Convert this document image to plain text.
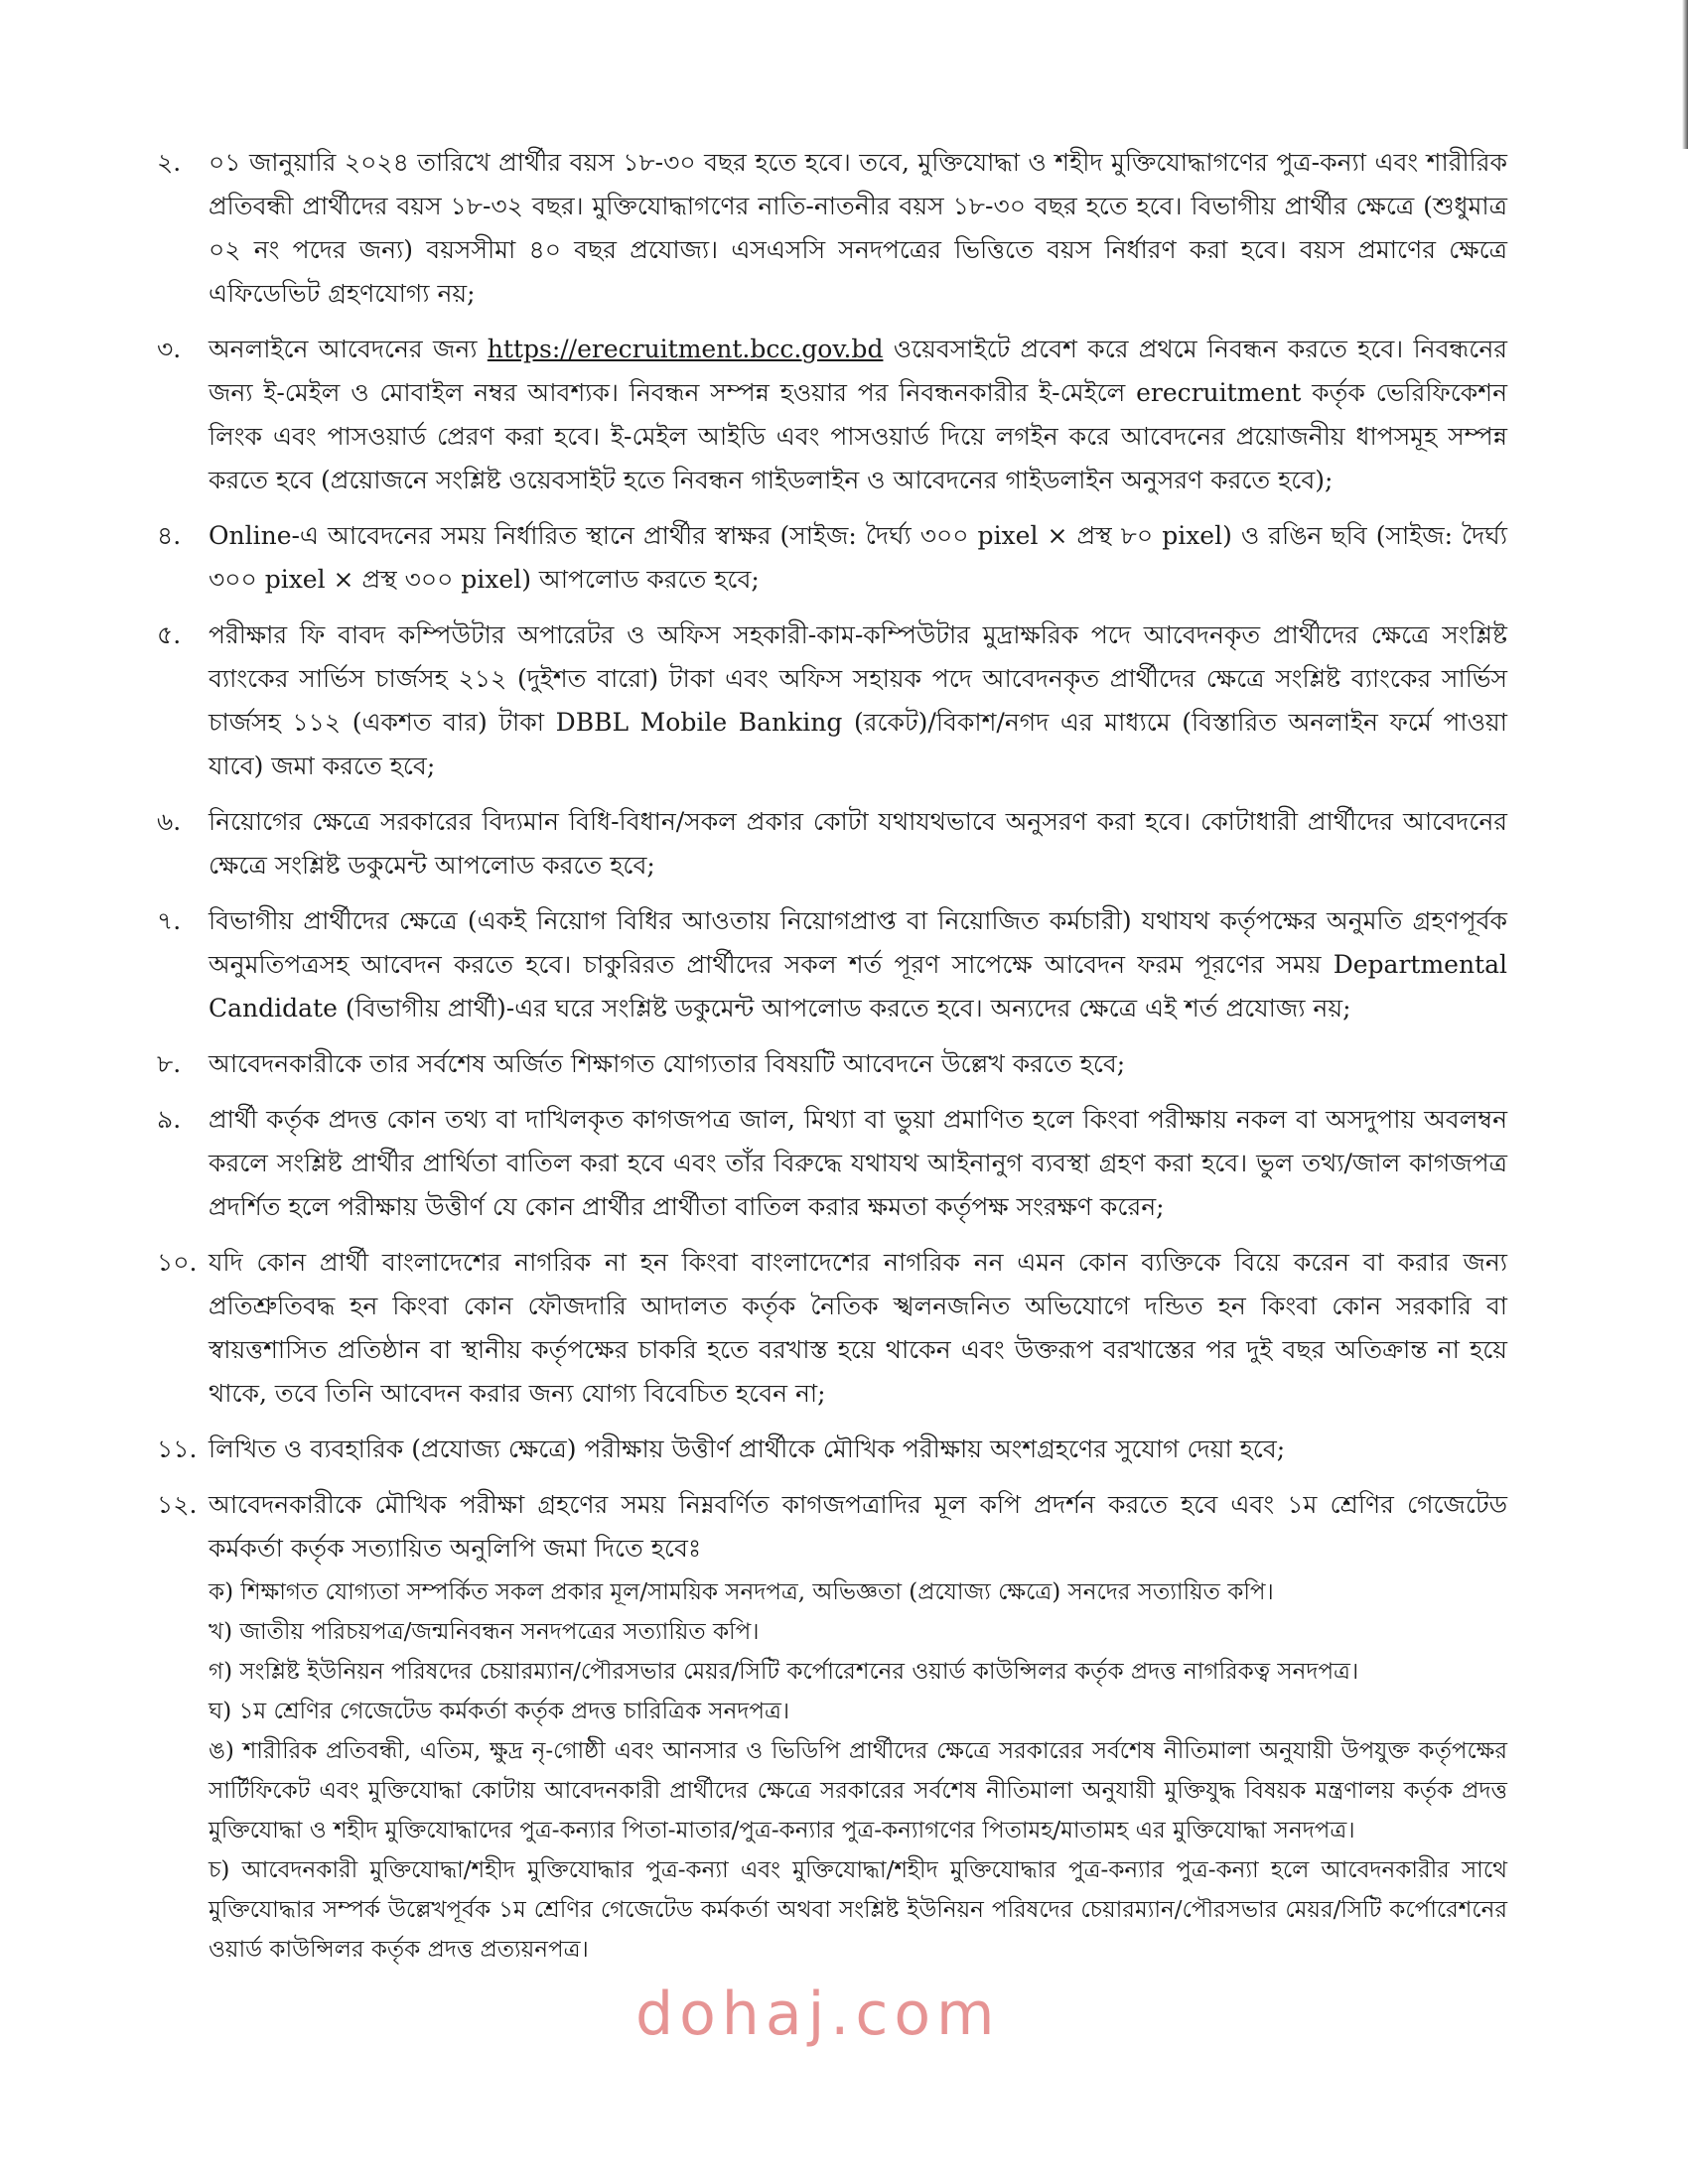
২.	০১ জানুয়ারি ২০২৪ তারিখে প্রার্থীর বয়স ১৮-৩০ বছর হতে হবে। তবে, মুক্তিযোদ্ধা ও শহীদ মুক্তিযোদ্ধাগণের পুত্র-কন্যা এবং শারীরিক প্রতিবন্ধী প্রার্থীদের বয়স ১৮-৩২ বছর। মুক্তিযোদ্ধাগণের নাতি-নাতনীর বয়স ১৮-৩০ বছর হতে হবে। বিভাগীয় প্রার্থীর ক্ষেত্রে (শুধুমাত্র ০২ নং পদের জন্য) বয়সসীমা ৪০ বছর প্রযোজ্য। এসএসসি সনদপত্রের ভিত্তিতে বয়স নির্ধারণ করা হবে। বয়স প্রমাণের ক্ষেত্রে এফিডেভিট গ্রহণযোগ্য নয়;
৩.	অনলাইনে আবেদনের জন্য https://erecruitment.bcc.gov.bd ওয়েবসাইটে প্রবেশ করে প্রথমে নিবন্ধন করতে হবে। নিবন্ধনের জন্য ই-মেইল ও মোবাইল নম্বর আবশ্যক। নিবন্ধন সম্পন্ন হওয়ার পর নিবন্ধনকারীর ই-মেইলে erecruitment কর্তৃক ভেরিফিকেশন লিংক এবং পাসওয়ার্ড প্রেরণ করা হবে। ই-মেইল আইডি এবং পাসওয়ার্ড দিয়ে লগইন করে আবেদনের প্রয়োজনীয় ধাপসমূহ সম্পন্ন করতে হবে (প্রয়োজনে সংশ্লিষ্ট ওয়েবসাইট হতে নিবন্ধন গাইডলাইন ও আবেদনের গাইডলাইন অনুসরণ করতে হবে);
৪.	Online-এ আবেদনের সময় নির্ধারিত স্থানে প্রার্থীর স্বাক্ষর (সাইজ: দৈর্ঘ্য ৩০০ pixel × প্রস্থ ৮০ pixel) ও রঙিন ছবি (সাইজ: দৈর্ঘ্য ৩০০ pixel × প্রস্থ ৩০০ pixel) আপলোড করতে হবে;
৫.	পরীক্ষার ফি বাবদ কম্পিউটার অপারেটর ও অফিস সহকারী-কাম-কম্পিউটার মুদ্রাক্ষরিক পদে আবেদনকৃত প্রার্থীদের ক্ষেত্রে সংশ্লিষ্ট ব্যাংকের সার্ভিস চার্জসহ ২১২ (দুইশত বারো) টাকা এবং অফিস সহায়ক পদে আবেদনকৃত প্রার্থীদের ক্ষেত্রে সংশ্লিষ্ট ব্যাংকের সার্ভিস চার্জসহ ১১২ (একশত বার) টাকা DBBL Mobile Banking (রকেট)/বিকাশ/নগদ এর মাধ্যমে (বিস্তারিত অনলাইন ফর্মে পাওয়া যাবে) জমা করতে হবে;
৬.	নিয়োগের ক্ষেত্রে সরকারের বিদ্যমান বিধি-বিধান/সকল প্রকার কোটা যথাযথভাবে অনুসরণ করা হবে। কোটাধারী প্রার্থীদের আবেদনের ক্ষেত্রে সংশ্লিষ্ট ডকুমেন্ট আপলোড করতে হবে;
৭.	বিভাগীয় প্রার্থীদের ক্ষেত্রে (একই নিয়োগ বিধির আওতায় নিয়োগপ্রাপ্ত বা নিয়োজিত কর্মচারী) যথাযথ কর্তৃপক্ষের অনুমতি গ্রহণপূর্বক অনুমতিপত্রসহ আবেদন করতে হবে। চাকুরিরত প্রার্থীদের সকল শর্ত পূরণ সাপেক্ষে আবেদন ফরম পূরণের সময় Departmental Candidate (বিভাগীয় প্রার্থী)-এর ঘরে সংশ্লিষ্ট ডকুমেন্ট আপলোড করতে হবে। অন্যদের ক্ষেত্রে এই শর্ত প্রযোজ্য নয়;
৮.	আবেদনকারীকে তার সর্বশেষ অর্জিত শিক্ষাগত যোগ্যতার বিষয়টি আবেদনে উল্লেখ করতে হবে;
৯.	প্রার্থী কর্তৃক প্রদত্ত কোন তথ্য বা দাখিলকৃত কাগজপত্র জাল, মিথ্যা বা ভুয়া প্রমাণিত হলে কিংবা পরীক্ষায় নকল বা অসদুপায় অবলম্বন করলে সংশ্লিষ্ট প্রার্থীর প্রার্থিতা বাতিল করা হবে এবং তাঁর বিরুদ্ধে যথাযথ আইনানুগ ব্যবস্থা গ্রহণ করা হবে। ভুল তথ্য/জাল কাগজপত্র প্রদর্শিত হলে পরীক্ষায় উত্তীর্ণ যে কোন প্রার্থীর প্রার্থীতা বাতিল করার ক্ষমতা কর্তৃপক্ষ সংরক্ষণ করেন;
১০. যদি কোন প্রার্থী বাংলাদেশের নাগরিক না হন কিংবা বাংলাদেশের নাগরিক নন এমন কোন ব্যক্তিকে বিয়ে করেন বা করার জন্য প্রতিশ্রুতিবদ্ধ হন কিংবা কোন ফৌজদারি আদালত কর্তৃক নৈতিক স্খলনজনিত অভিযোগে দন্ডিত হন কিংবা কোন সরকারি বা স্বায়ত্তশাসিত প্রতিষ্ঠান বা স্থানীয় কর্তৃপক্ষের চাকরি হতে বরখাস্ত হয়ে থাকেন এবং উক্তরূপ বরখাস্তের পর দুই বছর অতিক্রান্ত না হয়ে থাকে, তবে তিনি আবেদন করার জন্য যোগ্য বিবেচিত হবেন না;
১১. লিখিত ও ব্যবহারিক (প্রযোজ্য ক্ষেত্রে) পরীক্ষায় উত্তীর্ণ প্রার্থীকে মৌখিক পরীক্ষায় অংশগ্রহণের সুযোগ দেয়া হবে;
১২. আবেদনকারীকে মৌখিক পরীক্ষা গ্রহণের সময় নিম্নবর্ণিত কাগজপত্রাদির মূল কপি প্রদর্শন করতে হবে এবং ১ম শ্রেণির গেজেটেড কর্মকর্তা কর্তৃক সত্যায়িত অনুলিপি জমা দিতে হবেঃ
ক) শিক্ষাগত যোগ্যতা সম্পর্কিত সকল প্রকার মূল/সাময়িক সনদপত্র, অভিজ্ঞতা (প্রযোজ্য ক্ষেত্রে) সনদের সত্যায়িত কপি।
খ) জাতীয় পরিচয়পত্র/জন্মনিবন্ধন সনদপত্রের সত্যায়িত কপি।
গ) সংশ্লিষ্ট ইউনিয়ন পরিষদের চেয়ারম্যান/পৌরসভার মেয়র/সিটি কর্পোরেশনের ওয়ার্ড কাউন্সিলর কর্তৃক প্রদত্ত নাগরিকত্ব সনদপত্র।
ঘ) ১ম শ্রেণির গেজেটেড কর্মকর্তা কর্তৃক প্রদত্ত চারিত্রিক সনদপত্র।
ঙ) শারীরিক প্রতিবন্ধী, এতিম, ক্ষুদ্র নৃ-গোষ্ঠী এবং আনসার ও ভিডিপি প্রার্থীদের ক্ষেত্রে সরকারের সর্বশেষ নীতিমালা অনুযায়ী উপযুক্ত কর্তৃপক্ষের সার্টিফিকেট এবং মুক্তিযোদ্ধা কোটায় আবেদনকারী প্রার্থীদের ক্ষেত্রে সরকারের সর্বশেষ নীতিমালা অনুযায়ী মুক্তিযুদ্ধ বিষয়ক মন্ত্রণালয় কর্তৃক প্রদত্ত মুক্তিযোদ্ধা ও শহীদ মুক্তিযোদ্ধাদের পুত্র-কন্যার পিতা-মাতার/পুত্র-কন্যার পুত্র-কন্যাগণের পিতামহ/মাতামহ এর মুক্তিযোদ্ধা সনদপত্র।
চ) আবেদনকারী মুক্তিযোদ্ধা/শহীদ মুক্তিযোদ্ধার পুত্র-কন্যা এবং মুক্তিযোদ্ধা/শহীদ মুক্তিযোদ্ধার পুত্র-কন্যার পুত্র-কন্যা হলে আবেদনকারীর সাথে মুক্তিযোদ্ধার সম্পর্ক উল্লেখপূর্বক ১ম শ্রেণির গেজেটেড কর্মকর্তা অথবা সংশ্লিষ্ট ইউনিয়ন পরিষদের চেয়ারম্যান/পৌরসভার মেয়র/সিটি কর্পোরেশনের ওয়ার্ড কাউন্সিলর কর্তৃক প্রদত্ত প্রত্যয়নপত্র।
dohaj.com
